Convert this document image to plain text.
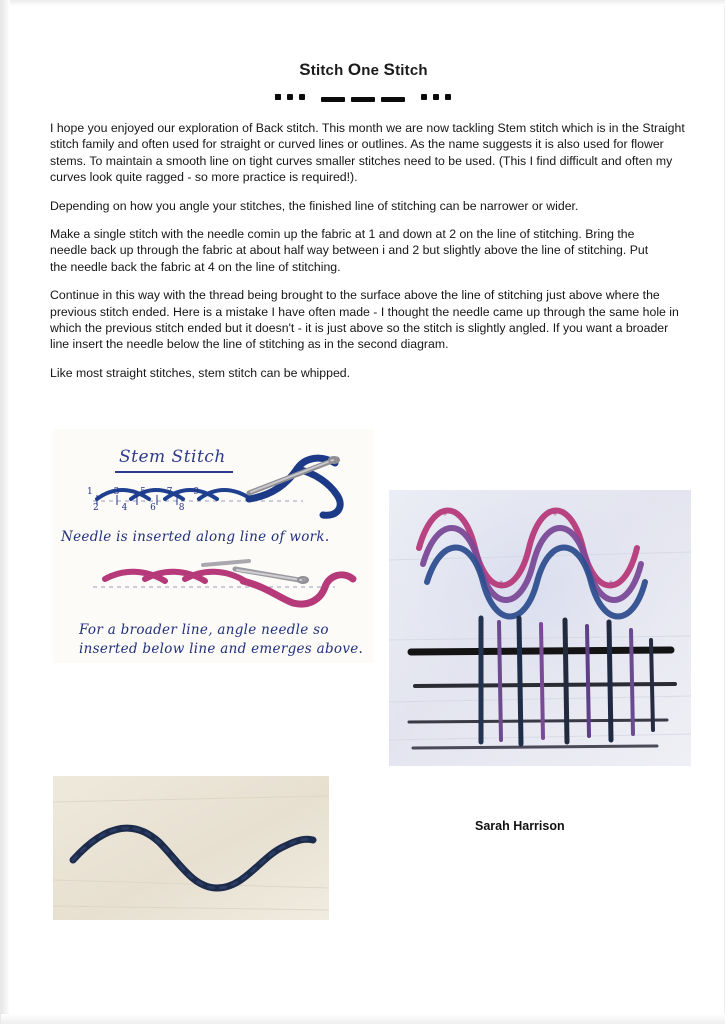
Stitch One Stitch

I hope you enjoyed our exploration of Back stitch. This month we are now tackling Stem stitch which is in the Straight stitch family and often used for straight or curved lines or outlines. As the name suggests it is also used for flower stems. To maintain a smooth line on tight curves smaller stitches need to be used. (This I find difficult and often my curves look quite ragged - so more practice is required!).

Depending on how you angle your stitches, the finished line of stitching can be narrower or wider.

Make a single stitch with the needle comin up the fabric at 1 and down at 2 on the line of stitching. Bring the needle back up through the fabric at about half way between i and 2 but slightly above the line of stitching. Put the needle back the fabric at 4 on the line of stitching.

Continue in this way with the thread being brought to the surface above the line of stitching just above where the previous stitch ended. Here is a mistake I have often made - I thought the needle came up through the same hole in which the previous stitch ended but it doesn't - it is just above so the stitch is slightly angled. If you want a broader line insert the needle below the line of stitching as in the second diagram.

Like most straight stitches, stem stitch can be whipped.

Stem Stitch
1 3 5 7 9
2 4 6 8
Needle is inserted along line of work.
For a broader line, angle needle so inserted below line and emerges above.
Sarah Harrison
